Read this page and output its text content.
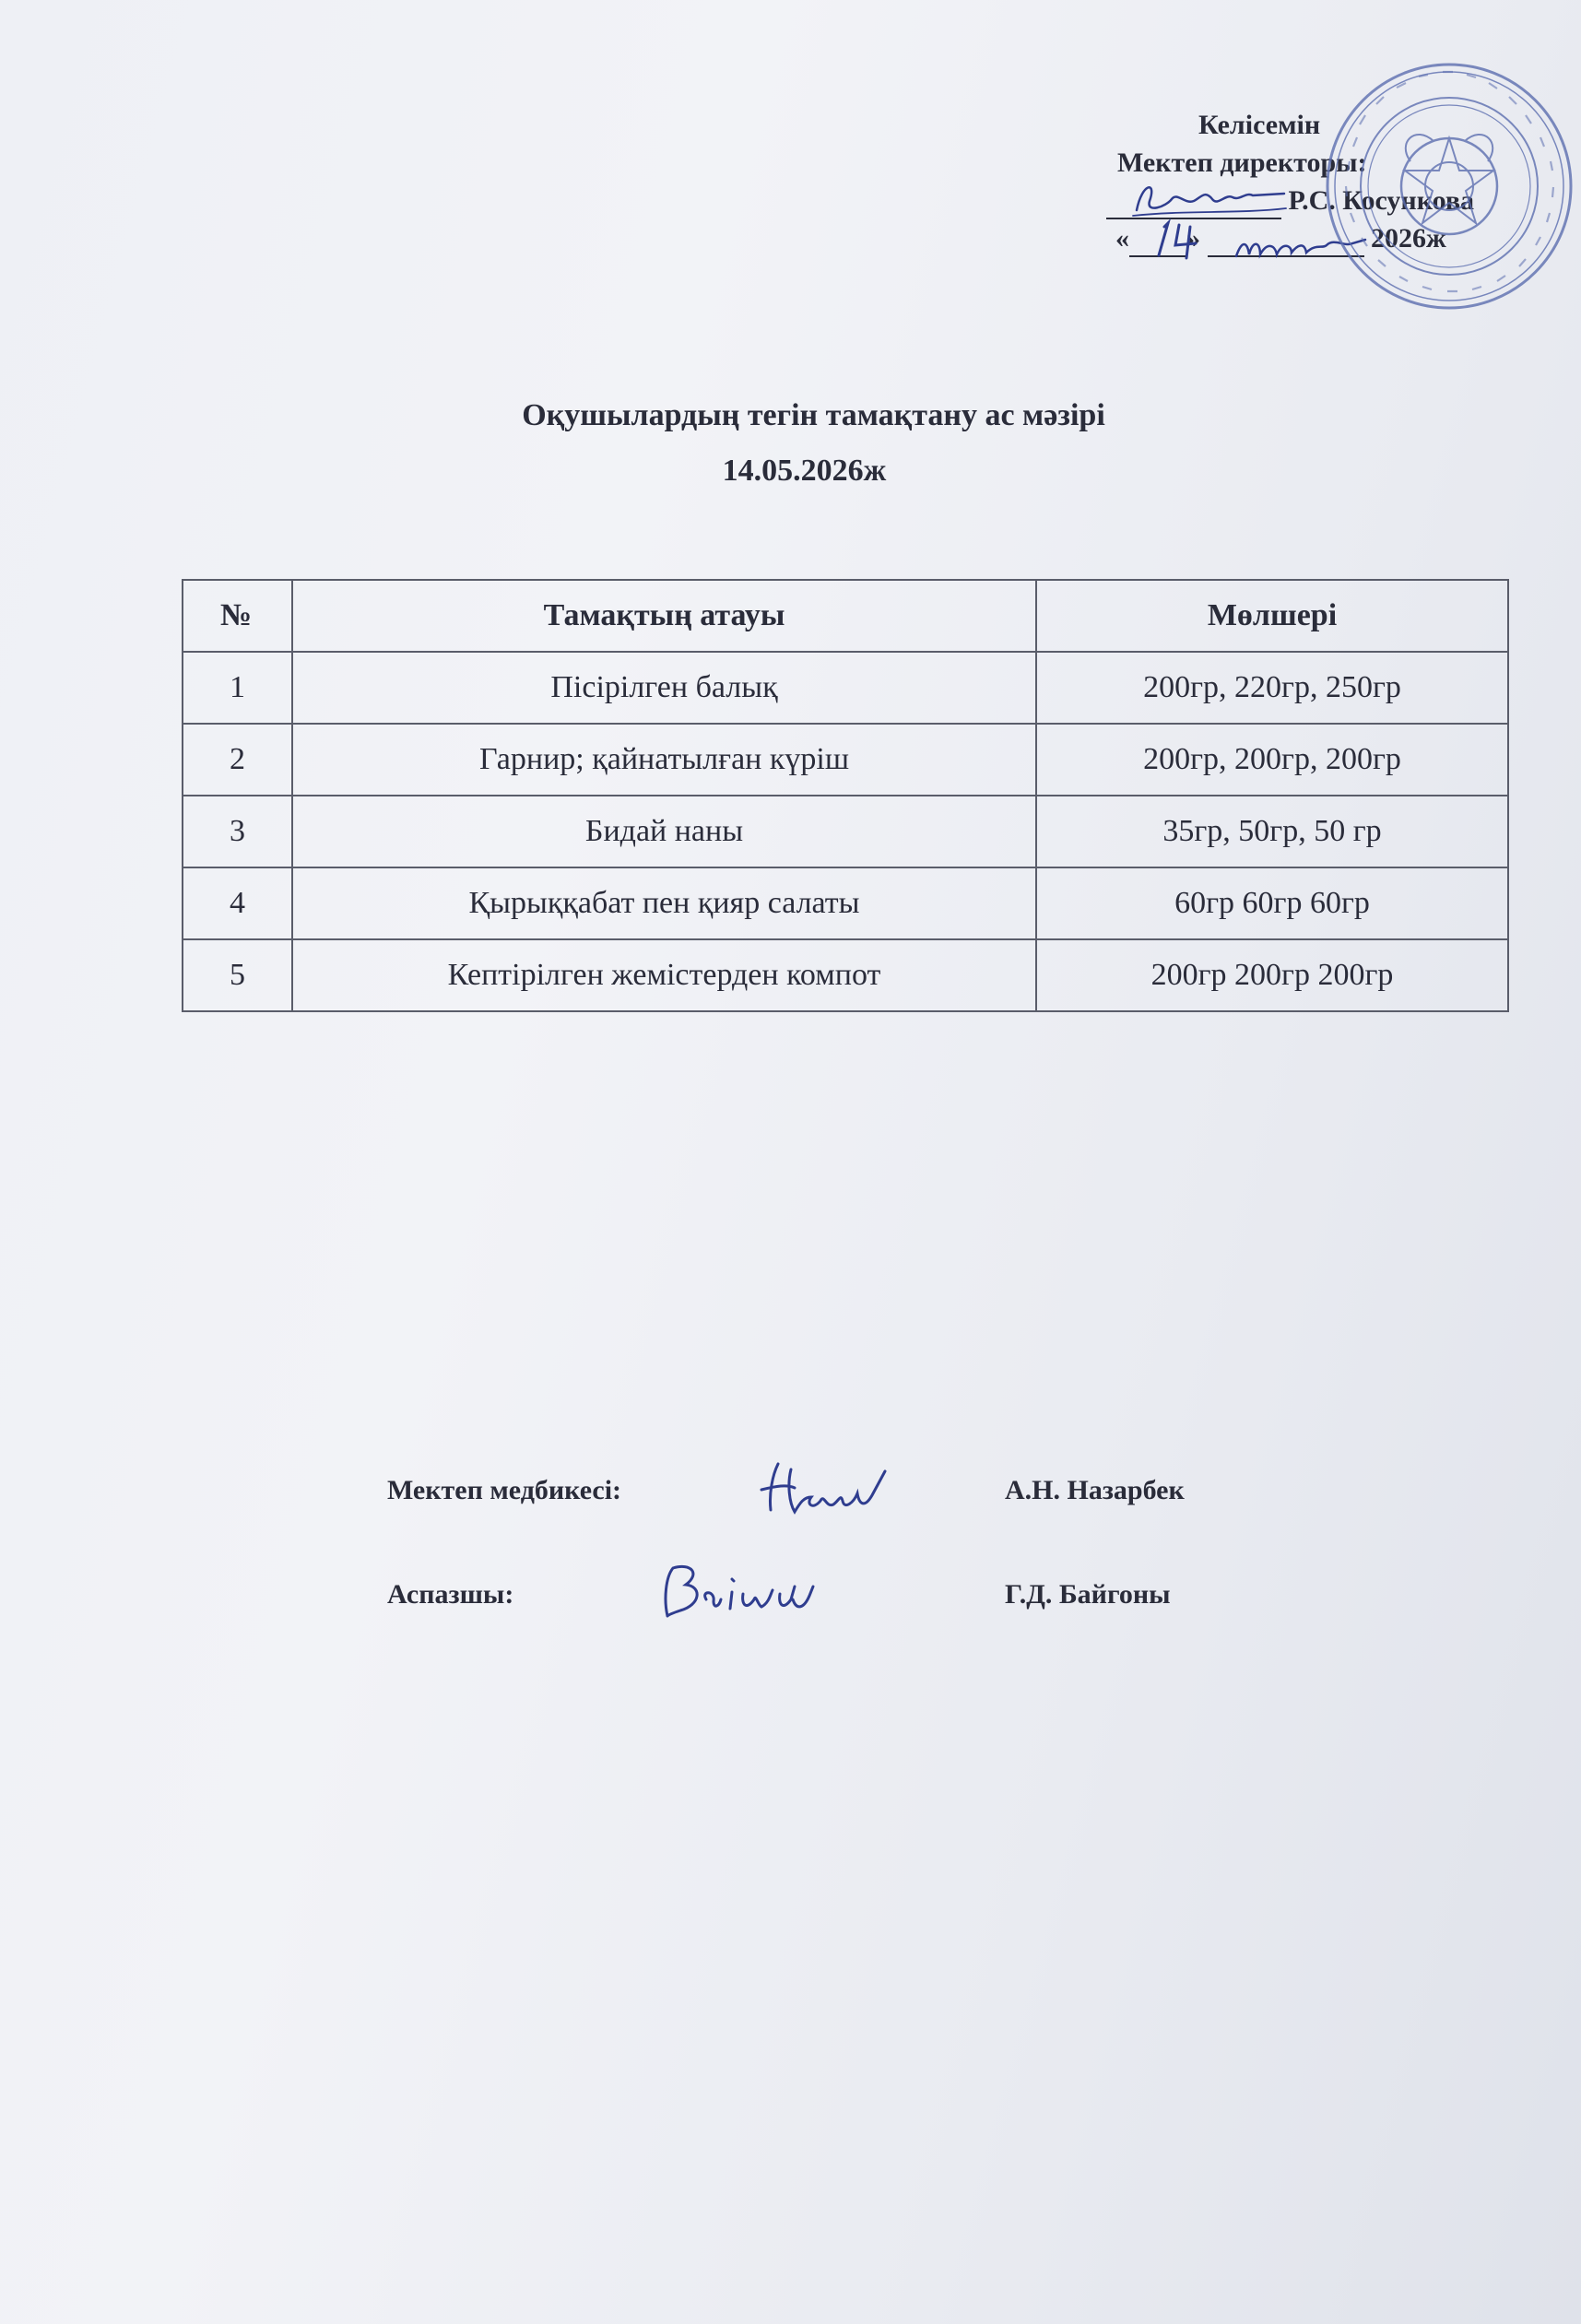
Келісемін
Мектеп директоры:
Р.С. Косункова
« »	2026ж
Оқушылардың тегін тамақтану ас мәзірі
14.05.2026ж
№	Тамақтың атауы	Мөлшері
1	Пісірілген балық	200гр, 220гр, 250гр
2	Гарнир; қайнатылған күріш	200гр, 200гр, 200гр
3	Бидай наны	35гр, 50гр, 50 гр
4	Қырыққабат пен қияр салаты	60гр 60гр 60гр
5	Кептірілген жемістерден компот	200гр 200гр 200гр
Мектеп медбикесі:	А.Н. Назарбек
Аспазшы:	Г.Д. Байгоны
